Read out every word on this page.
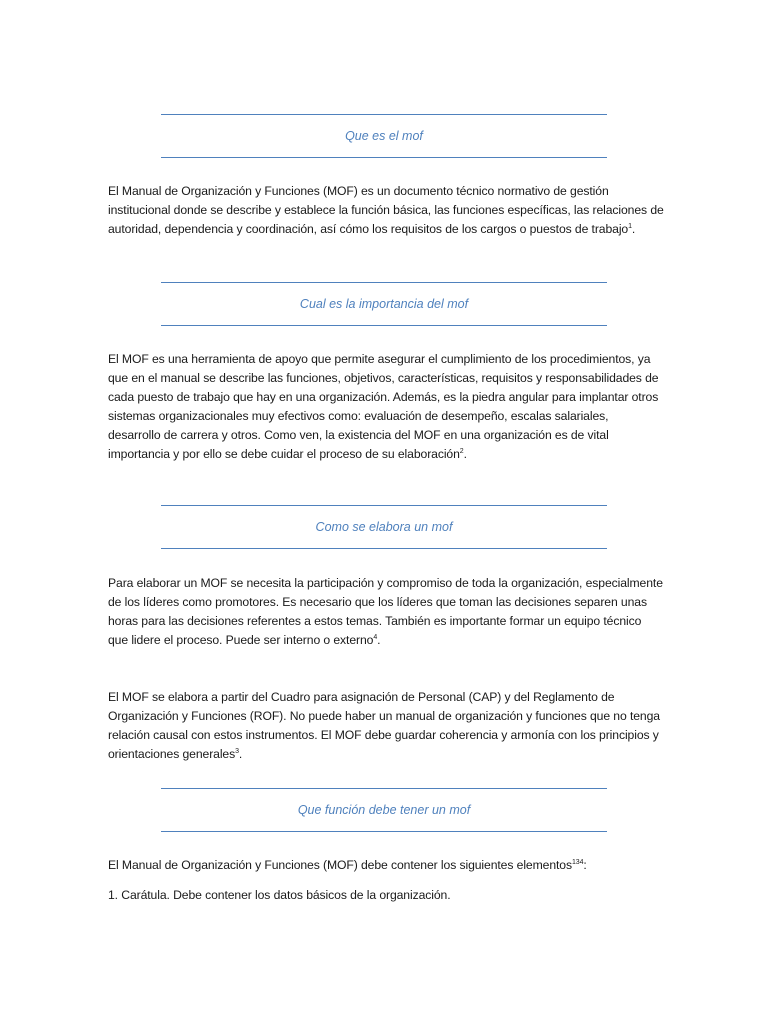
Que es el mof

El Manual de Organización y Funciones (MOF) es un documento técnico normativo de gestión institucional donde se describe y establece la función básica, las funciones específicas, las relaciones de autoridad, dependencia y coordinación, así cómo los requisitos de los cargos o puestos de trabajo$^1$.

Cual es la importancia del mof

El MOF es una herramienta de apoyo que permite asegurar el cumplimiento de los procedimientos, ya que en el manual se describe las funciones, objetivos, características, requisitos y responsabilidades de cada puesto de trabajo que hay en una organización. Además, es la piedra angular para implantar otros sistemas organizacionales muy efectivos como: evaluación de desempeño, escalas salariales, desarrollo de carrera y otros. Como ven, la existencia del MOF en una organización es de vital importancia y por ello se debe cuidar el proceso de su elaboración$^2$.

Como se elabora un mof

Para elaborar un MOF se necesita la participación y compromiso de toda la organización, especialmente de los líderes como promotores. Es necesario que los líderes que toman las decisiones separen unas horas para las decisiones referentes a estos temas. También es importante formar un equipo técnico que lidere el proceso. Puede ser interno o externo$^4$.

El MOF se elabora a partir del Cuadro para asignación de Personal (CAP) y del Reglamento de Organización y Funciones (ROF). No puede haber un manual de organización y funciones que no tenga relación causal con estos instrumentos. El MOF debe guardar coherencia y armonía con los principios y orientaciones generales$^3$.

Que función debe tener un mof

El Manual de Organización y Funciones (MOF) debe contener los siguientes elementos$^{134}$:

1. Carátula. Debe contener los datos básicos de la organización.
